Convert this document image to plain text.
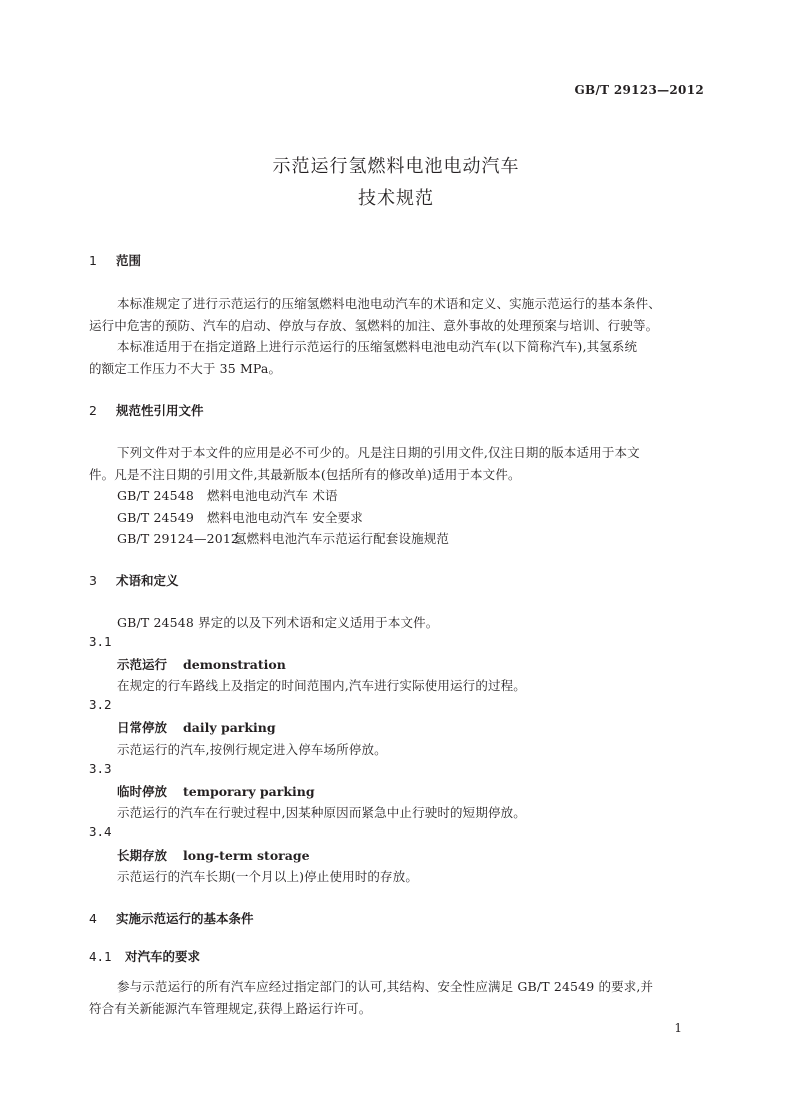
GB/T 29123—2012
示范运行氢燃料电池电动汽车
技术规范
1 范围
本标准规定了进行示范运行的压缩氢燃料电池电动汽车的术语和定义、实施示范运行的基本条件、
运行中危害的预防、汽车的启动、停放与存放、氢燃料的加注、意外事故的处理预案与培训、行驶等。
本标准适用于在指定道路上进行示范运行的压缩氢燃料电池电动汽车(以下简称汽车),其氢系统
的额定工作压力不大于 35 MPa。
2 规范性引用文件
下列文件对于本文件的应用是必不可少的。凡是注日期的引用文件,仅注日期的版本适用于本文
件。凡是不注日期的引用文件,其最新版本(包括所有的修改单)适用于本文件。
GB/T 24548 燃料电池电动汽车 术语
GB/T 24549 燃料电池电动汽车 安全要求
GB/T 29124—2012氢燃料电池汽车示范运行配套设施规范
3 术语和定义
GB/T 24548 界定的以及下列术语和定义适用于本文件。
3.1
示范运行 demonstration
在规定的行车路线上及指定的时间范围内,汽车进行实际使用运行的过程。
3.2
日常停放 daily parking
示范运行的汽车,按例行规定进入停车场所停放。
3.3
临时停放 temporary parking
示范运行的汽车在行驶过程中,因某种原因而紧急中止行驶时的短期停放。
3.4
长期存放 long-term storage
示范运行的汽车长期(一个月以上)停止使用时的存放。
4 实施示范运行的基本条件
4.1 对汽车的要求
参与示范运行的所有汽车应经过指定部门的认可,其结构、安全性应满足 GB/T 24549 的要求,并
符合有关新能源汽车管理规定,获得上路运行许可。
1
